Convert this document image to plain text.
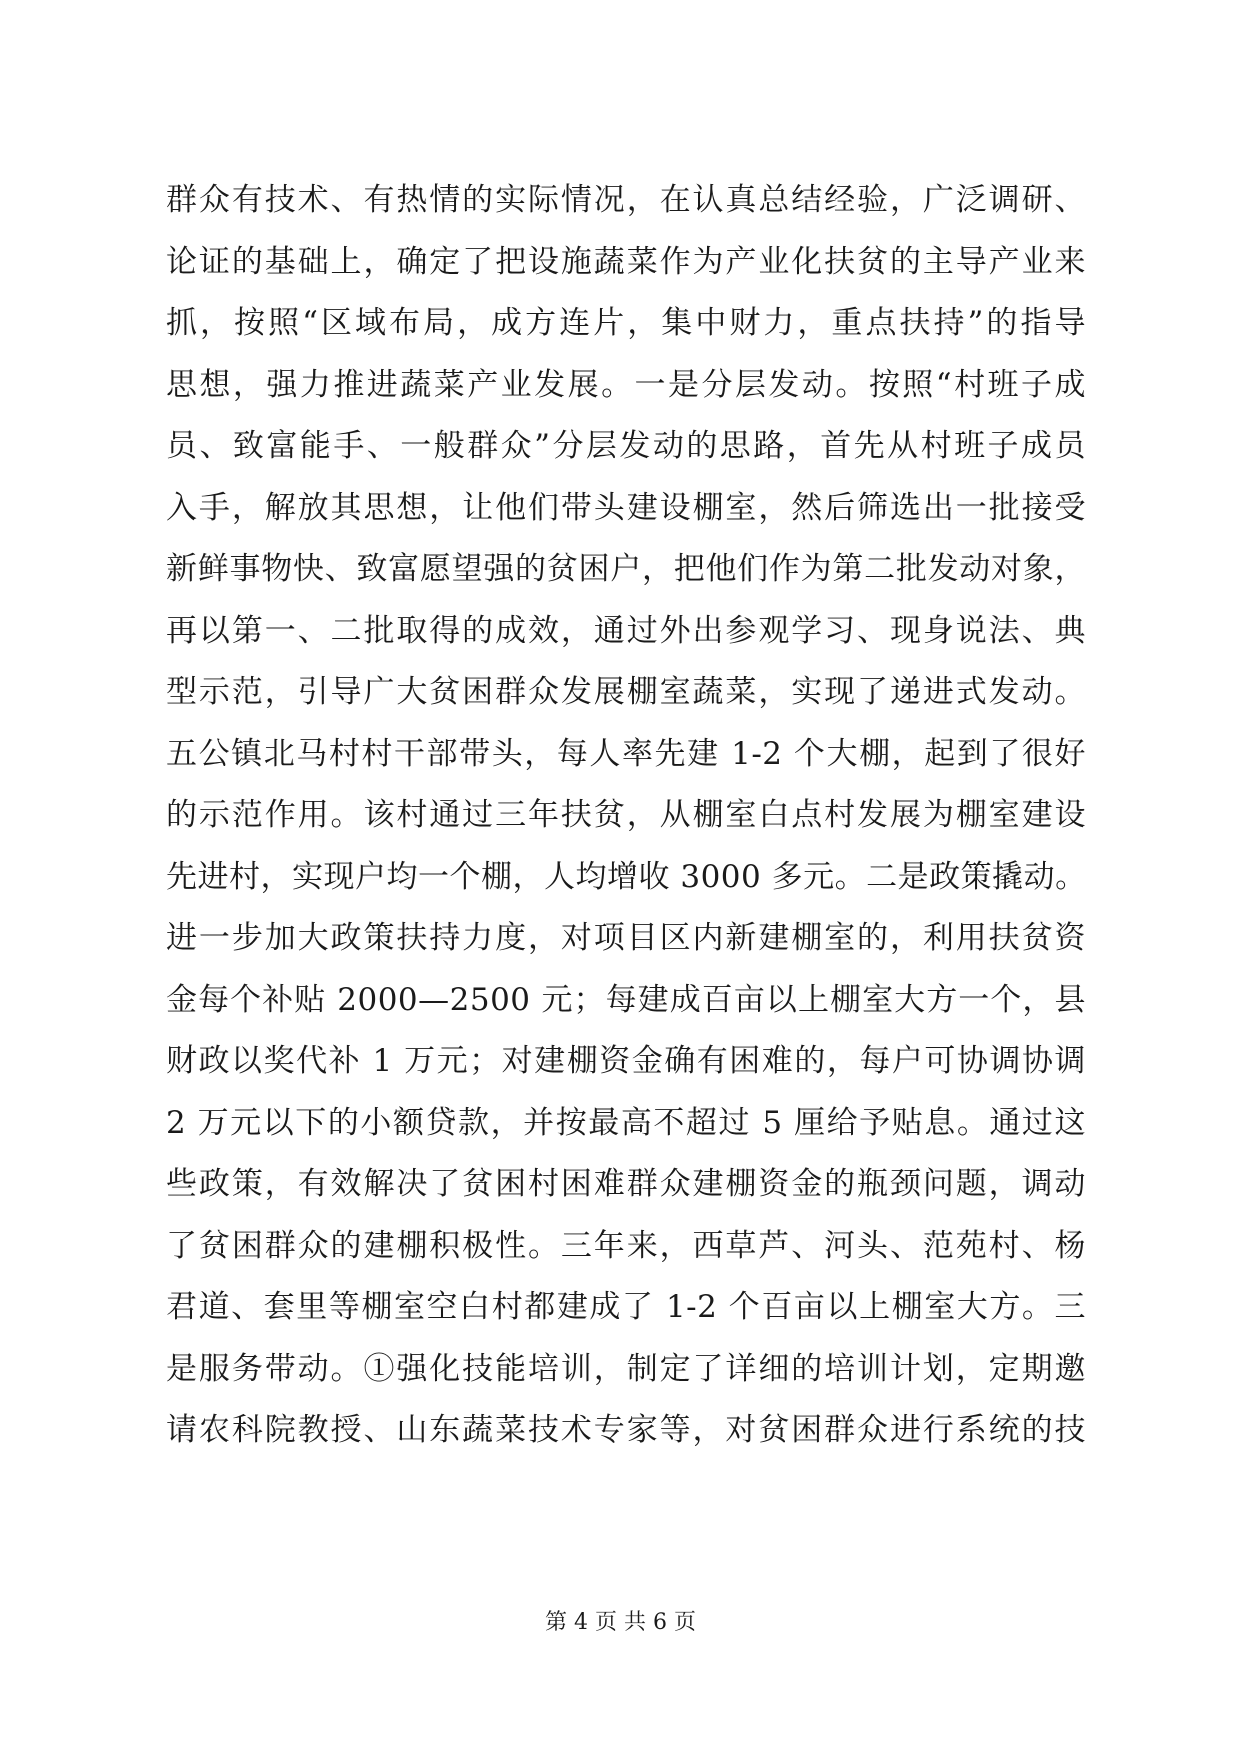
群众有技术、有热情的实际情况，在认真总结经验，广泛调研、
论证的基础上，确定了把设施蔬菜作为产业化扶贫的主导产业来
抓，按照“区域布局，成方连片，集中财力，重点扶持”的指导
思想，强力推进蔬菜产业发展。一是分层发动。按照“村班子成
员、致富能手、一般群众”分层发动的思路，首先从村班子成员
入手，解放其思想，让他们带头建设棚室，然后筛选出一批接受
新鲜事物快、致富愿望强的贫困户，把他们作为第二批发动对象，
再以第一、二批取得的成效，通过外出参观学习、现身说法、典
型示范，引导广大贫困群众发展棚室蔬菜，实现了递进式发动。
五公镇北马村村干部带头，每人率先建 1-2 个大棚，起到了很好
的示范作用。该村通过三年扶贫，从棚室白点村发展为棚室建设
先进村，实现户均一个棚，人均增收 3000 多元。二是政策撬动。
进一步加大政策扶持力度，对项目区内新建棚室的，利用扶贫资
金每个补贴 2000—2500 元；每建成百亩以上棚室大方一个，县
财政以奖代补 1 万元；对建棚资金确有困难的，每户可协调协调
2 万元以下的小额贷款，并按最高不超过 5 厘给予贴息。通过这
些政策，有效解决了贫困村困难群众建棚资金的瓶颈问题，调动
了贫困群众的建棚积极性。三年来，西草芦、河头、范苑村、杨
君道、套里等棚室空白村都建成了 1-2 个百亩以上棚室大方。三
是服务带动。①强化技能培训，制定了详细的培训计划，定期邀
请农科院教授、山东蔬菜技术专家等，对贫困群众进行系统的技
第 4 页 共 6 页
